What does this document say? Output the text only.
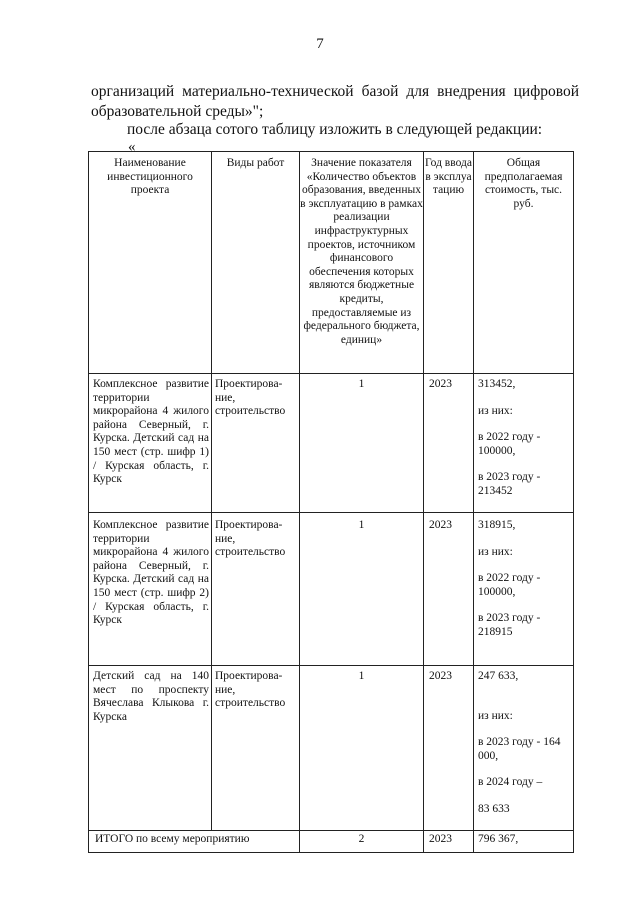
7
организаций материально-технической базой для внедрения цифровой
образовательной среды»";
после абзаца сотого таблицу изложить в следующей редакции:
«
Наименование инвестиционного проекта	Виды работ	Значение показателя «Количество объектов образования, введенных в эксплуатацию в рамках реализации инфраструктурных проектов, источником финансового обеспечения которых являются бюджетные кредиты, предоставляемые из федерального бюджета, единиц»	Год ввода в эксплуа тацию	Общая предполагаемая стоимость, тыс. руб.
Комплексное развитие территории микрорайона 4 жилого района Северный, г. Курска. Детский сад на 150 мест (стр. шифр 1) / Курская область, г. Курск	Проектирова-ние, строительство	1	2023	313452,
из них:
в 2022 году - 100000,
в 2023 году - 213452

Комплексное развитие территории микрорайона 4 жилого района Северный, г. Курска. Детский сад на 150 мест (стр. шифр 2) / Курская область, г. Курск	Проектирова-ние, строительство	1	2023	318915,
из них:
в 2022 году - 100000,
в 2023 году - 218915

Детский сад на 140 мест по проспекту Вячеслава Клыкова г. Курска	Проектирова-ние, строительство	1	2023	247 633,
из них:
в 2023 году - 164 000,
в 2024 году –
83 633

ИТОГО по всему мероприятию		2	2023	796 367,
